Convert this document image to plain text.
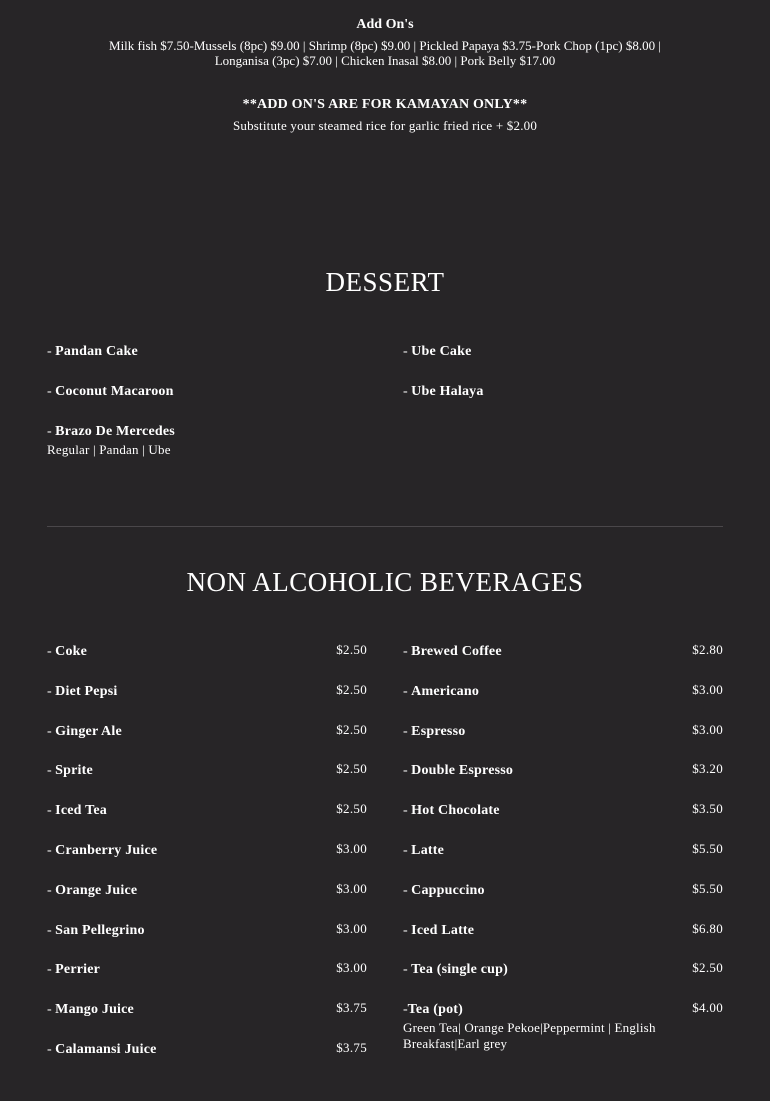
Add On's
Milk fish $7.50-Mussels (8pc) $9.00 | Shrimp (8pc) $9.00 | Pickled Papaya $3.75-Pork Chop (1pc) $8.00 |
Longanisa (3pc) $7.00 | Chicken Inasal $8.00 | Pork Belly $17.00
**ADD ON'S ARE FOR KAMAYAN ONLY**
Substitute your steamed rice for garlic fried rice + $2.00
DESSERT
- Pandan Cake
- Coconut Macaroon
- Brazo De Mercedes
Regular | Pandan | Ube
- Ube Cake
- Ube Halaya
NON ALCOHOLIC BEVERAGES
- Coke	$2.50
- Diet Pepsi	$2.50
- Ginger Ale	$2.50
- Sprite	$2.50
- Iced Tea	$2.50
- Cranberry Juice	$3.00
- Orange Juice	$3.00
- San Pellegrino	$3.00
- Perrier	$3.00
- Mango Juice	$3.75
- Calamansi Juice	$3.75
- Brewed Coffee	$2.80
- Americano	$3.00
- Espresso	$3.00
- Double Espresso	$3.20
- Hot Chocolate	$3.50
- Latte	$5.50
- Cappuccino	$5.50
- Iced Latte	$6.80
- Tea (single cup)	$2.50
-Tea (pot)	$4.00
Green Tea| Orange Pekoe|Peppermint | English Breakfast|Earl grey
